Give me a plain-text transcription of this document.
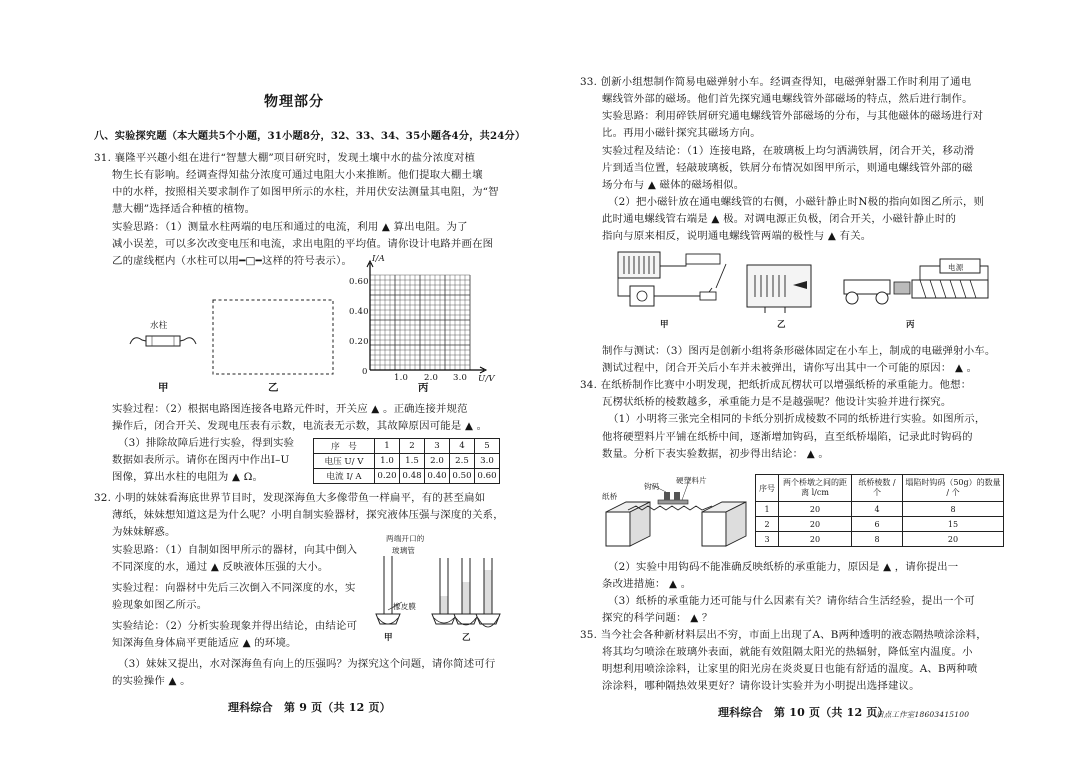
物理部分
八、实验探究题（本大题共5个小题，31小题8分，32、33、34、35小题各4分，共24分）
31. 襄隆平兴趣小组在进行“智慧大棚”项目研究时，发现土壤中水的盐分浓度对植
物生长有影响。经调查得知盐分浓度可通过电阻大小来推断。他们提取大棚土壤
中的水样，按照相关要求制作了如图甲所示的水柱，并用伏安法测量其电阻，为“智
慧大棚”选择适合种植的植物。
实验思路：（1）测量水柱两端的电压和通过的电流，利用 ▲ 算出电阻。为了
减小误差，可以多次改变电压和电流，求出电阻的平均值。请你设计电路并画在图
乙的虚线框内（水柱可以用━□━这样的符号表示）。
水柱
I/A
U/V
0.60
0.40
0.20
0
1.0 2.0 3.0
甲	乙	丙
实验过程：（2）根据电路图连接各电路元件时，开关应 ▲ 。正确连接并规范
操作后，闭合开关、发现电压表有示数，电流表无示数，其故障原因可能是 ▲ 。
（3）排除故障后进行实验，得到实验
数据如表所示。请你在图丙中作出I–U
图像，算出水柱的电阻为 ▲ Ω。
序　号	1	2	3	4	5
电压 U/ V	1.0	1.5	2.0	2.5	3.0
电流 I/ A	0.20	0.48	0.40	0.50	0.60
32. 小明的妹妹看海底世界节目时，发现深海鱼大多像带鱼一样扁平，有的甚至扁如
薄纸，妹妹想知道这是为什么呢？小明自制实验器材，探究液体压强与深度的关系，
为妹妹解惑。
实验思路：（1）自制如图甲所示的器材，向其中倒入
不同深度的水，通过 ▲ 反映液体压强的大小。
实验过程：向器材中先后三次倒入不同深度的水，实
验现象如图乙所示。
实验结论：（2）分析实验现象并得出结论，由结论可
知深海鱼身体扁平更能适应 ▲ 的环境。
（3）妹妹又提出，水对深海鱼有向上的压强吗？为探究这个问题，请你简述可行
的实验操作 ▲ 。
两端开口的
玻璃管
橡皮膜
甲	乙
理科综合　第 9 页（共 12 页）
33. 创新小组想制作简易电磁弹射小车。经调查得知，电磁弹射器工作时利用了通电
螺线管外部的磁场。他们首先探究通电螺线管外部磁场的特点，然后进行制作。
实验思路：利用碎铁屑研究通电螺线管外部磁场的分布，与其他磁体的磁场进行对
比。再用小磁针探究其磁场方向。
实验过程及结论：（1）连接电路，在玻璃板上均匀洒满铁屑，闭合开关，移动滑
片到适当位置，轻敲玻璃板，铁屑分布情况如图甲所示，则通电螺线管外部的磁
场分布与 ▲ 磁体的磁场相似。
（2）把小磁针放在通电螺线管的右侧，小磁针静止时N极的指向如图乙所示，则
此时通电螺线管右端是 ▲ 极。对调电源正负极，闭合开关，小磁针静止时的
指向与原来相反，说明通电螺线管两端的极性与 ▲ 有关。
电源
甲	乙	丙
制作与测试：（3）图丙是创新小组将条形磁体固定在小车上，制成的电磁弹射小车。
测试过程中，闭合开关后小车并未被弹出，请你写出其中一个可能的原因： ▲ 。
34. 在纸桥制作比赛中小明发现，把纸折成瓦楞状可以增强纸桥的承重能力。他想：
瓦楞状纸桥的棱数越多，承重能力是不是越强呢？他设计实验并进行探究。
（1）小明将三张完全相同的卡纸分别折成棱数不同的纸桥进行实验。如图所示，
他将硬塑料片平铺在纸桥中间，逐渐增加钩码，直至纸桥塌陷，记录此时钩码的
数量。分析下表实验数据，初步得出结论： ▲ 。
纸桥
钩码
硬塑料片
序号	两个桥墩之间的距离 l/cm	纸桥棱数 / 个	塌陷时钩码（50g）的数量 / 个
1	20	4	8
2	20	6	15
3	20	8	20
（2）实验中用钩码不能准确反映纸桥的承重能力，原因是 ▲ ，请你提出一
条改进措施： ▲ 。
（3）纸桥的承重能力还可能与什么因素有关？请你结合生活经验，提出一个可
探究的科学问题： ▲ ？
35. 当今社会各种新材料层出不穷，市面上出现了A、B两种透明的液态隔热喷涂涂料，
将其均匀喷涂在玻璃外表面，就能有效阻隔太阳光的热辐射，降低室内温度。小
明想利用喷涂涂料，让家里的阳光房在炎炎夏日也能有舒适的温度。A、B两种喷
涂涂料，哪种隔热效果更好？请你设计实验并为小明提出选择建议。
理科综合　第 10 页（共 12 页）
启点工作室18603415100
